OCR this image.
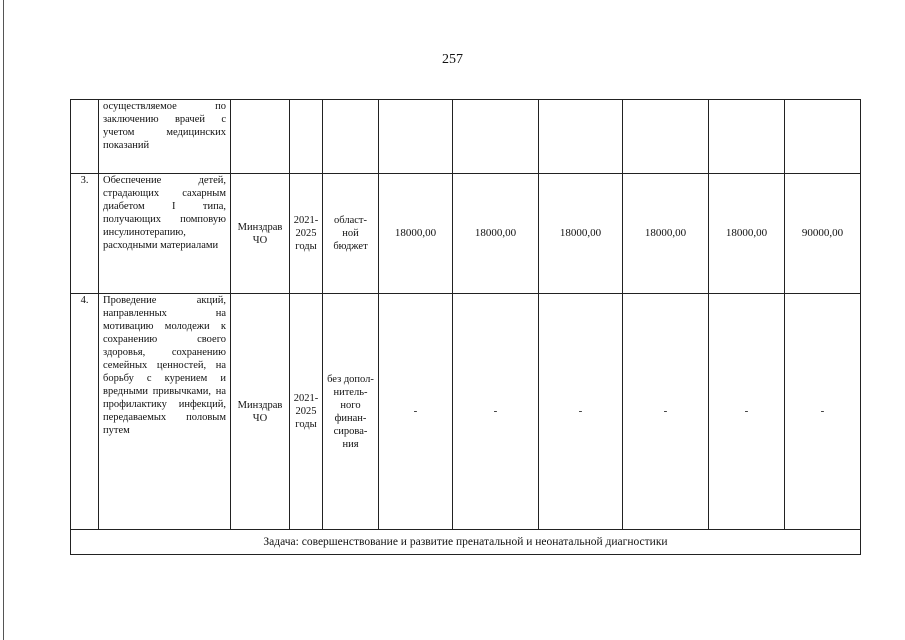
257
	осуществляемое по заключению врачей с учетом медицинских показаний									
3.	Обеспечение детей, страдающих сахарным диабетом I типа, получающих помповую инсулинотерапию, расходными материалами	Минздрав ЧО	2021-2025 годы	област-ной бюджет	18000,00	18000,00	18000,00	18000,00	18000,00	90000,00
4.	Проведение акций, направленных на мотивацию молодежи к сохранению своего здоровья, сохранению семейных ценностей, на борьбу с курением и вредными привычками, на профилактику инфекций, передаваемых половым путем	Минздрав ЧО	2021-2025 годы	без допол-нитель-ного финан-сирова-ния	-	-	-	-	-	-
Задача: совершенствование и развитие пренатальной и неонатальной диагностики										
